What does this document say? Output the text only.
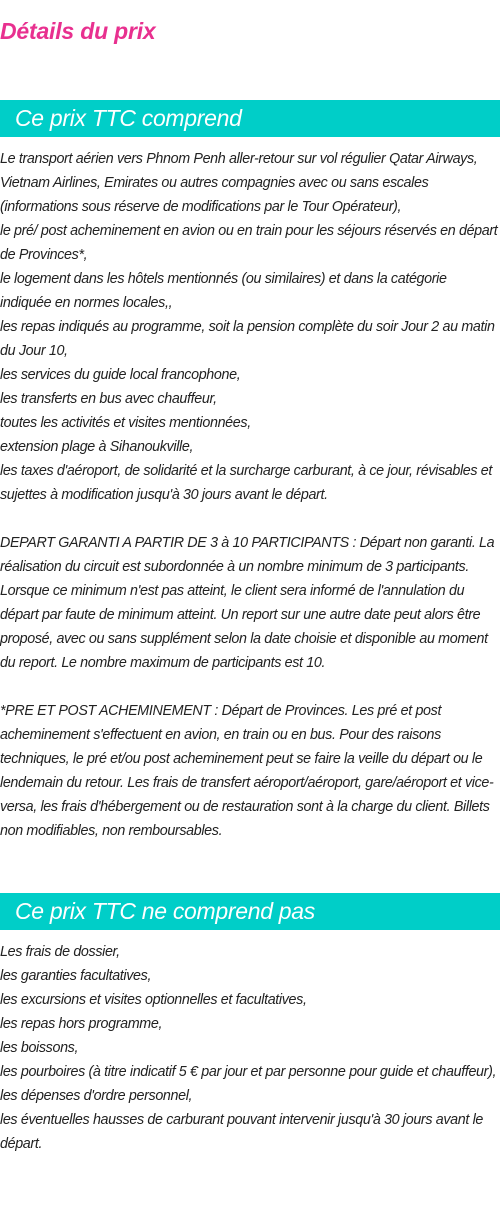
Détails du prix
Ce prix TTC comprend

Le transport aérien vers Phnom Penh aller-retour sur vol régulier Qatar Airways, Vietnam Airlines, Emirates ou autres compagnies avec ou sans escales (informations sous réserve de modifications par le Tour Opérateur),

le pré/ post acheminement en avion ou en train pour les séjours réservés en départ de Provinces*,

le logement dans les hôtels mentionnés (ou similaires) et dans la catégorie indiquée en normes locales,,

les repas indiqués au programme, soit la pension complète du soir Jour 2 au matin du Jour 10,

les services du guide local francophone,

les transferts en bus avec chauffeur,

toutes les activités et visites mentionnées,

extension plage à Sihanoukville,

les taxes d'aéroport, de solidarité et la surcharge carburant, à ce jour, révisables et sujettes à modification jusqu'à 30 jours avant le départ.

DEPART GARANTI A PARTIR DE 3 à 10 PARTICIPANTS : Départ non garanti. La réalisation du circuit est subordonnée à un nombre minimum de 3 participants. Lorsque ce minimum n'est pas atteint, le client sera informé de l'annulation du départ par faute de minimum atteint. Un report sur une autre date peut alors être proposé, avec ou sans supplément selon la date choisie et disponible au moment du report. Le nombre maximum de participants est 10.

*PRE ET POST ACHEMINEMENT : Départ de Provinces. Les pré et post acheminement s'effectuent en avion, en train ou en bus. Pour des raisons techniques, le pré et/ou post acheminement peut se faire la veille du départ ou le lendemain du retour. Les frais de transfert aéroport/aéroport, gare/aéroport et vice-versa, les frais d'hébergement ou de restauration sont à la charge du client. Billets non modifiables, non remboursables.

Ce prix TTC ne comprend pas

Les frais de dossier,

les garanties facultatives,

les excursions et visites optionnelles et facultatives,

les repas hors programme,

les boissons,

les pourboires (à titre indicatif 5 € par jour et par personne pour guide et chauffeur),

les dépenses d'ordre personnel,

les éventuelles hausses de carburant pouvant intervenir jusqu'à 30 jours avant le départ.
